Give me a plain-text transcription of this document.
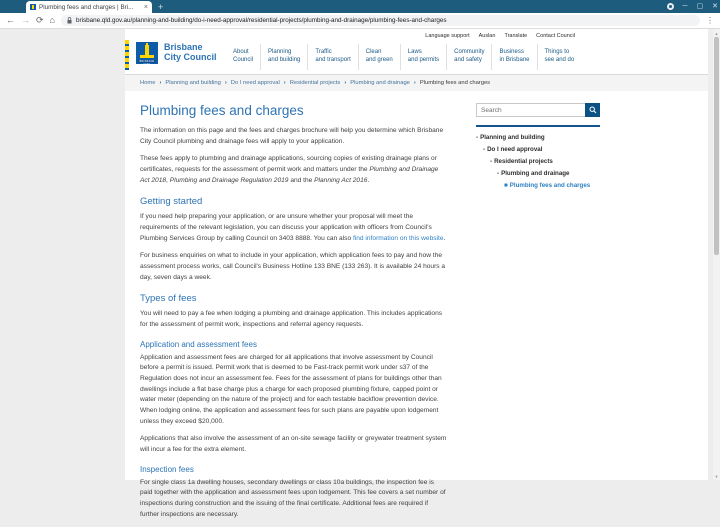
Plumbing fees and charges | Bri...	× +	─ ▢ ✕
← → ⟳ ⌂	brisbane.qld.gov.au/planning-and-building/do-i-need-approval/residential-projects/plumbing-and-drainage/plumbing-fees-and-charges	⋮
Language support Auslan Translate Contact Council
BRISBANE CITY
Brisbane
City Council	About
Council
Planning
and building
Traffic
and transport
Clean
and green
Laws
and permits
Community
and safety
Business
in Brisbane
Things to
see and do
Home › Planning and building › Do I need approval › Residential projects › Plumbing and drainage › Plumbing fees and charges
Plumbing fees and charges

The information on this page and the fees and charges brochure will help you determine which Brisbane City Council plumbing and drainage fees will apply to your application.

These fees apply to plumbing and drainage applications, sourcing copies of existing drainage plans or certificates, requests for the assessment of permit work and matters under the Plumbing and Drainage Act 2018, Plumbing and Drainage Regulation 2019 and the Planning Act 2016.

Getting started

If you need help preparing your application, or are unsure whether your proposal will meet the requirements of the relevant legislation, you can discuss your application with officers from Council's Plumbing Services Group by calling Council on 3403 8888. You can also find information on this website.

For business enquiries on what to include in your application, which application fees to pay and how the assessment process works, call Council's Business Hotline 133 BNE (133 263). It is available 24 hours a day, seven days a week.

Types of fees

You will need to pay a fee when lodging a plumbing and drainage application. This includes applications for the assessment of permit work, inspections and referral agency requests.

Application and assessment fees

Application and assessment fees are charged for all applications that involve assessment by Council before a permit is issued. Permit work that is deemed to be Fast-track permit work under s37 of the Regulation does not incur an assessment fee. Fees for the assessment of plans for buildings other than dwellings include a flat base charge plus a charge for each proposed plumbing fixture, capped point or water meter (depending on the nature of the project) and for each testable backflow prevention device. When lodging online, the application and assessment fees for such plans are payable upon lodgement unless they exceed $20,000.

Applications that also involve the assessment of an on-site sewage facility or greywater treatment system will incur a fee for the extra element.

Inspection fees

For single class 1a dwelling houses, secondary dwellings or class 10a buildings, the inspection fee is paid together with the application and assessment fees upon lodgement. This fee covers a set number of inspections during construction and the issuing of the final certificate. Additional fees are required if further inspections are necessary.

Search
- Planning and building
- Do I need approval
- Residential projects
- Plumbing and drainage
■ Plumbing fees and charges
▲
▼
